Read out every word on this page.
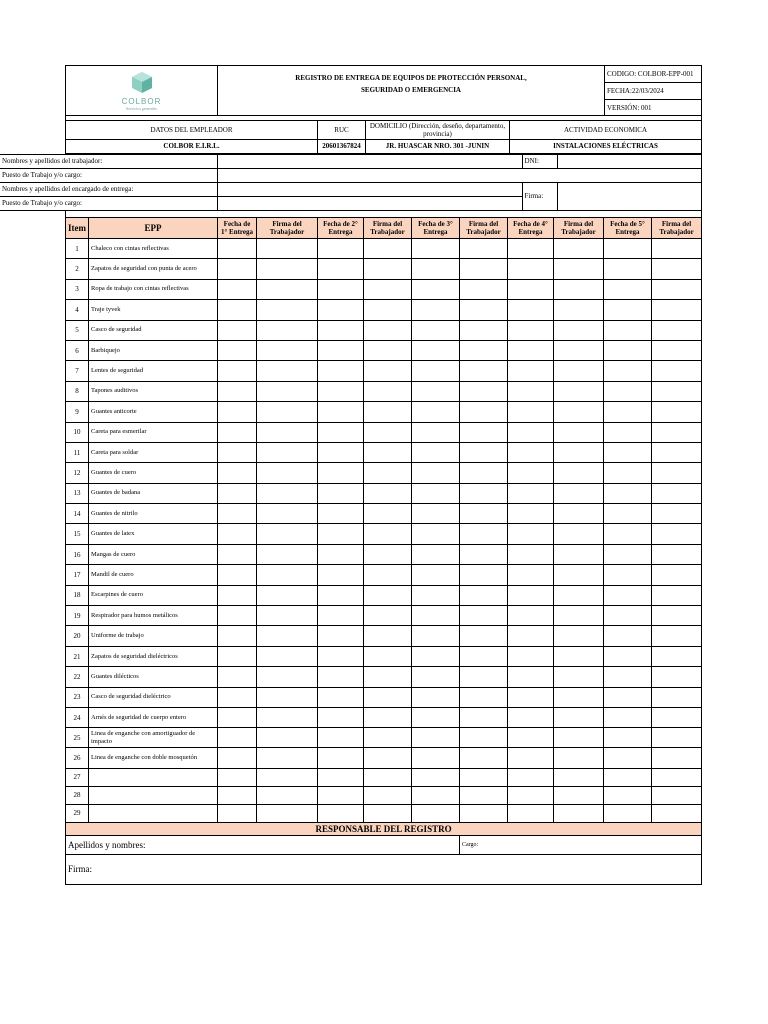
COLBOR
Servicios generales

REGISTRO DE ENTREGA DE EQUIPOS DE PROTECCIÓN PERSONAL,
SEGURIDAD O EMERGENCIA
	CODIGO: COLBOR-EPP-001
FECHA:22/03/2024
VERSIÓN: 001

DATOS DEL EMPLEADOR	RUC	DOMICILIO (Dirección, deseño, departamento, provincia)	ACTIVIDAD ECONOMICA
COLBOR E.I.R.L.	20601367824	JR. HUASCAR NRO. 301 -JUNIN	INSTALACIONES ELÉCTRICAS
Nombres y apellidos del trabajador:		DNI:	
Puesto de Trabajo y/o cargo:			
Nombres y apellidos del encargado de entrega:		Firma:	
Puesto de Trabajo y/o cargo:			

Item	EPP	Fecha de 1° Entrega	Firma del Trabajador	Fecha de 2° Entrega	Firma del Trabajador	Fecha de 3° Entrega	Firma del Trabajador	Fecha de 4° Entrega	Firma del Trabajador	Fecha de 5° Entrega	Firma del Trabajador
1	Chaleco con cintas reflectivas										
2	Zapatos de seguridad con punta de acero										
3	Ropa de trabajo con cintas reflectivas										
4	Traje tyvek										
5	Casco de seguridad										
6	Barbiquejo										
7	Lentes de seguridad										
8	Tapones auditivos										
9	Guantes anticorte										
10	Careta para esmerilar										
11	Careta para soldar										
12	Guantes de cuero										
13	Guantes de badana										
14	Guantes de nitrilo										
15	Guantes de latex										
16	Mangas de cuero										
17	Mandil de cuero										
18	Escarpines de cuero										
19	Respirador para humos metálicos										
20	Uniforme de trabajo										
21	Zapatos de seguridad dieléctricos										
22	Guantes dilécticos										
23	Casco de seguridad dieléctrico										
24	Arnés de seguridad de cuerpo entero										
25	Linea de enganche con amortiguador de impacto										
26	Linea de enganche con doble mosquetón										
27											
28											
29											
RESPONSABLE DEL REGISTRO											
Apellidos y nombres:							Cargo:				
Firma:											
